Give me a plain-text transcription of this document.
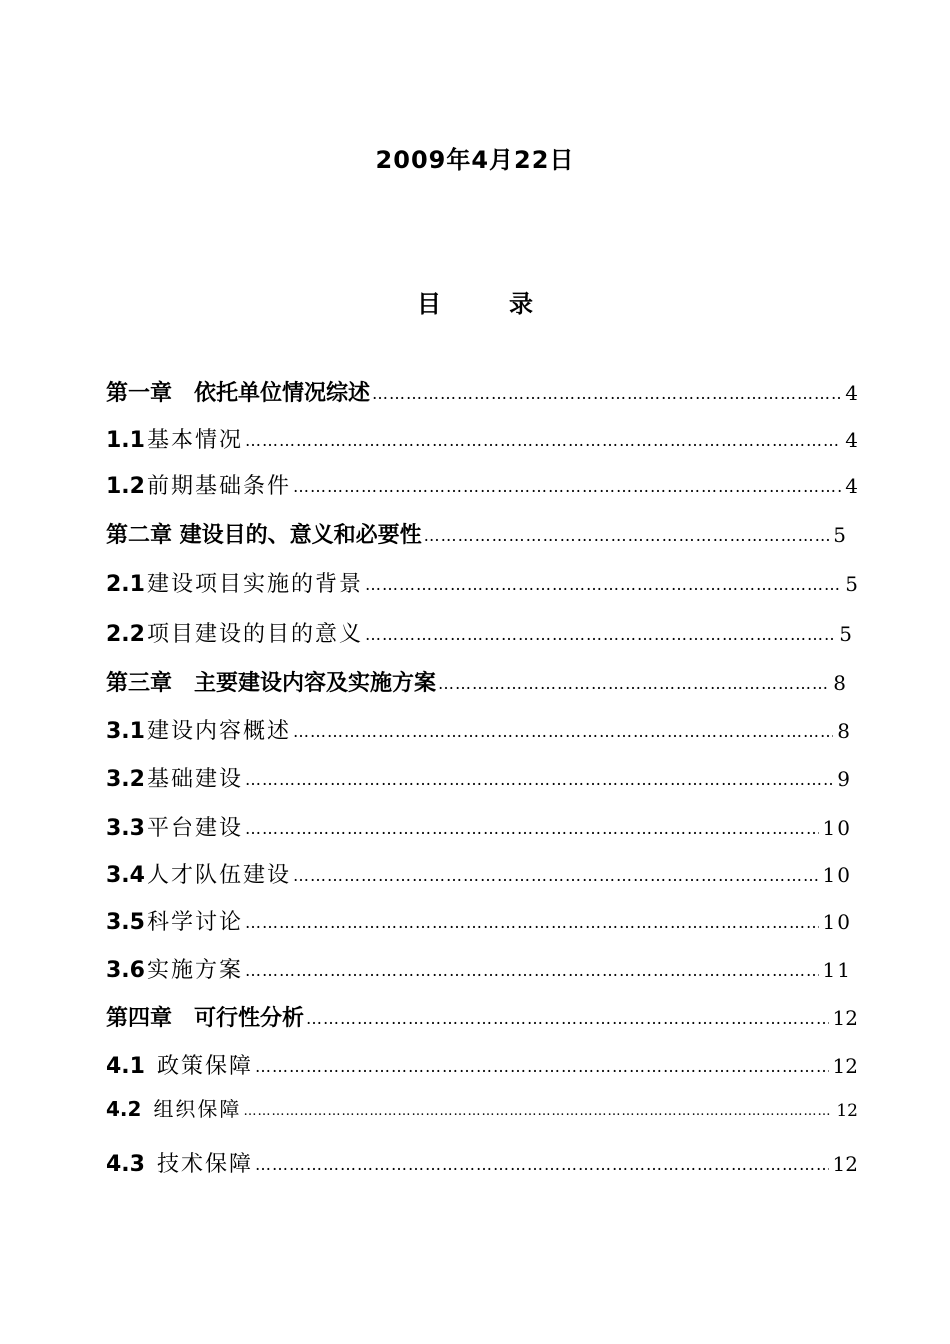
2009年4月22日
目　录
第一章　依托单位情况综述 ………………………………………………………………………………………………………………………………………………………………………………………………	4
1.1 基本情况 ………………………………………………………………………………………………………………………………………………………………………………………………	4
1.2 前期基础条件 ………………………………………………………………………………………………………………………………………………………………………………………………	4
第二章 建设目的、意义和必要性 ………………………………………………………………………………………………………………………………………………………………………………………………	5
2.1 建设项目实施的背景 ………………………………………………………………………………………………………………………………………………………………………………………………	5
2.2 项目建设的目的意义 ………………………………………………………………………………………………………………………………………………………………………………………………	5
第三章　主要建设内容及实施方案 ………………………………………………………………………………………………………………………………………………………………………………………………	8
3.1 建设内容概述 ………………………………………………………………………………………………………………………………………………………………………………………………	8
3.2 基础建设 ………………………………………………………………………………………………………………………………………………………………………………………………	9
3.3 平台建设 ………………………………………………………………………………………………………………………………………………………………………………………………	10
3.4 人才队伍建设 ………………………………………………………………………………………………………………………………………………………………………………………………	10
3.5 科学讨论 ………………………………………………………………………………………………………………………………………………………………………………………………	10
3.6 实施方案 ………………………………………………………………………………………………………………………………………………………………………………………………	11
第四章　可行性分析 ………………………………………………………………………………………………………………………………………………………………………………………………	12
4.1 政策保障 ………………………………………………………………………………………………………………………………………………………………………………………………	12
4.2 组织保障 ………………………………………………………………………………………………………………………………………………………………………………………………	12
4.3 技术保障 ………………………………………………………………………………………………………………………………………………………………………………………………	12
